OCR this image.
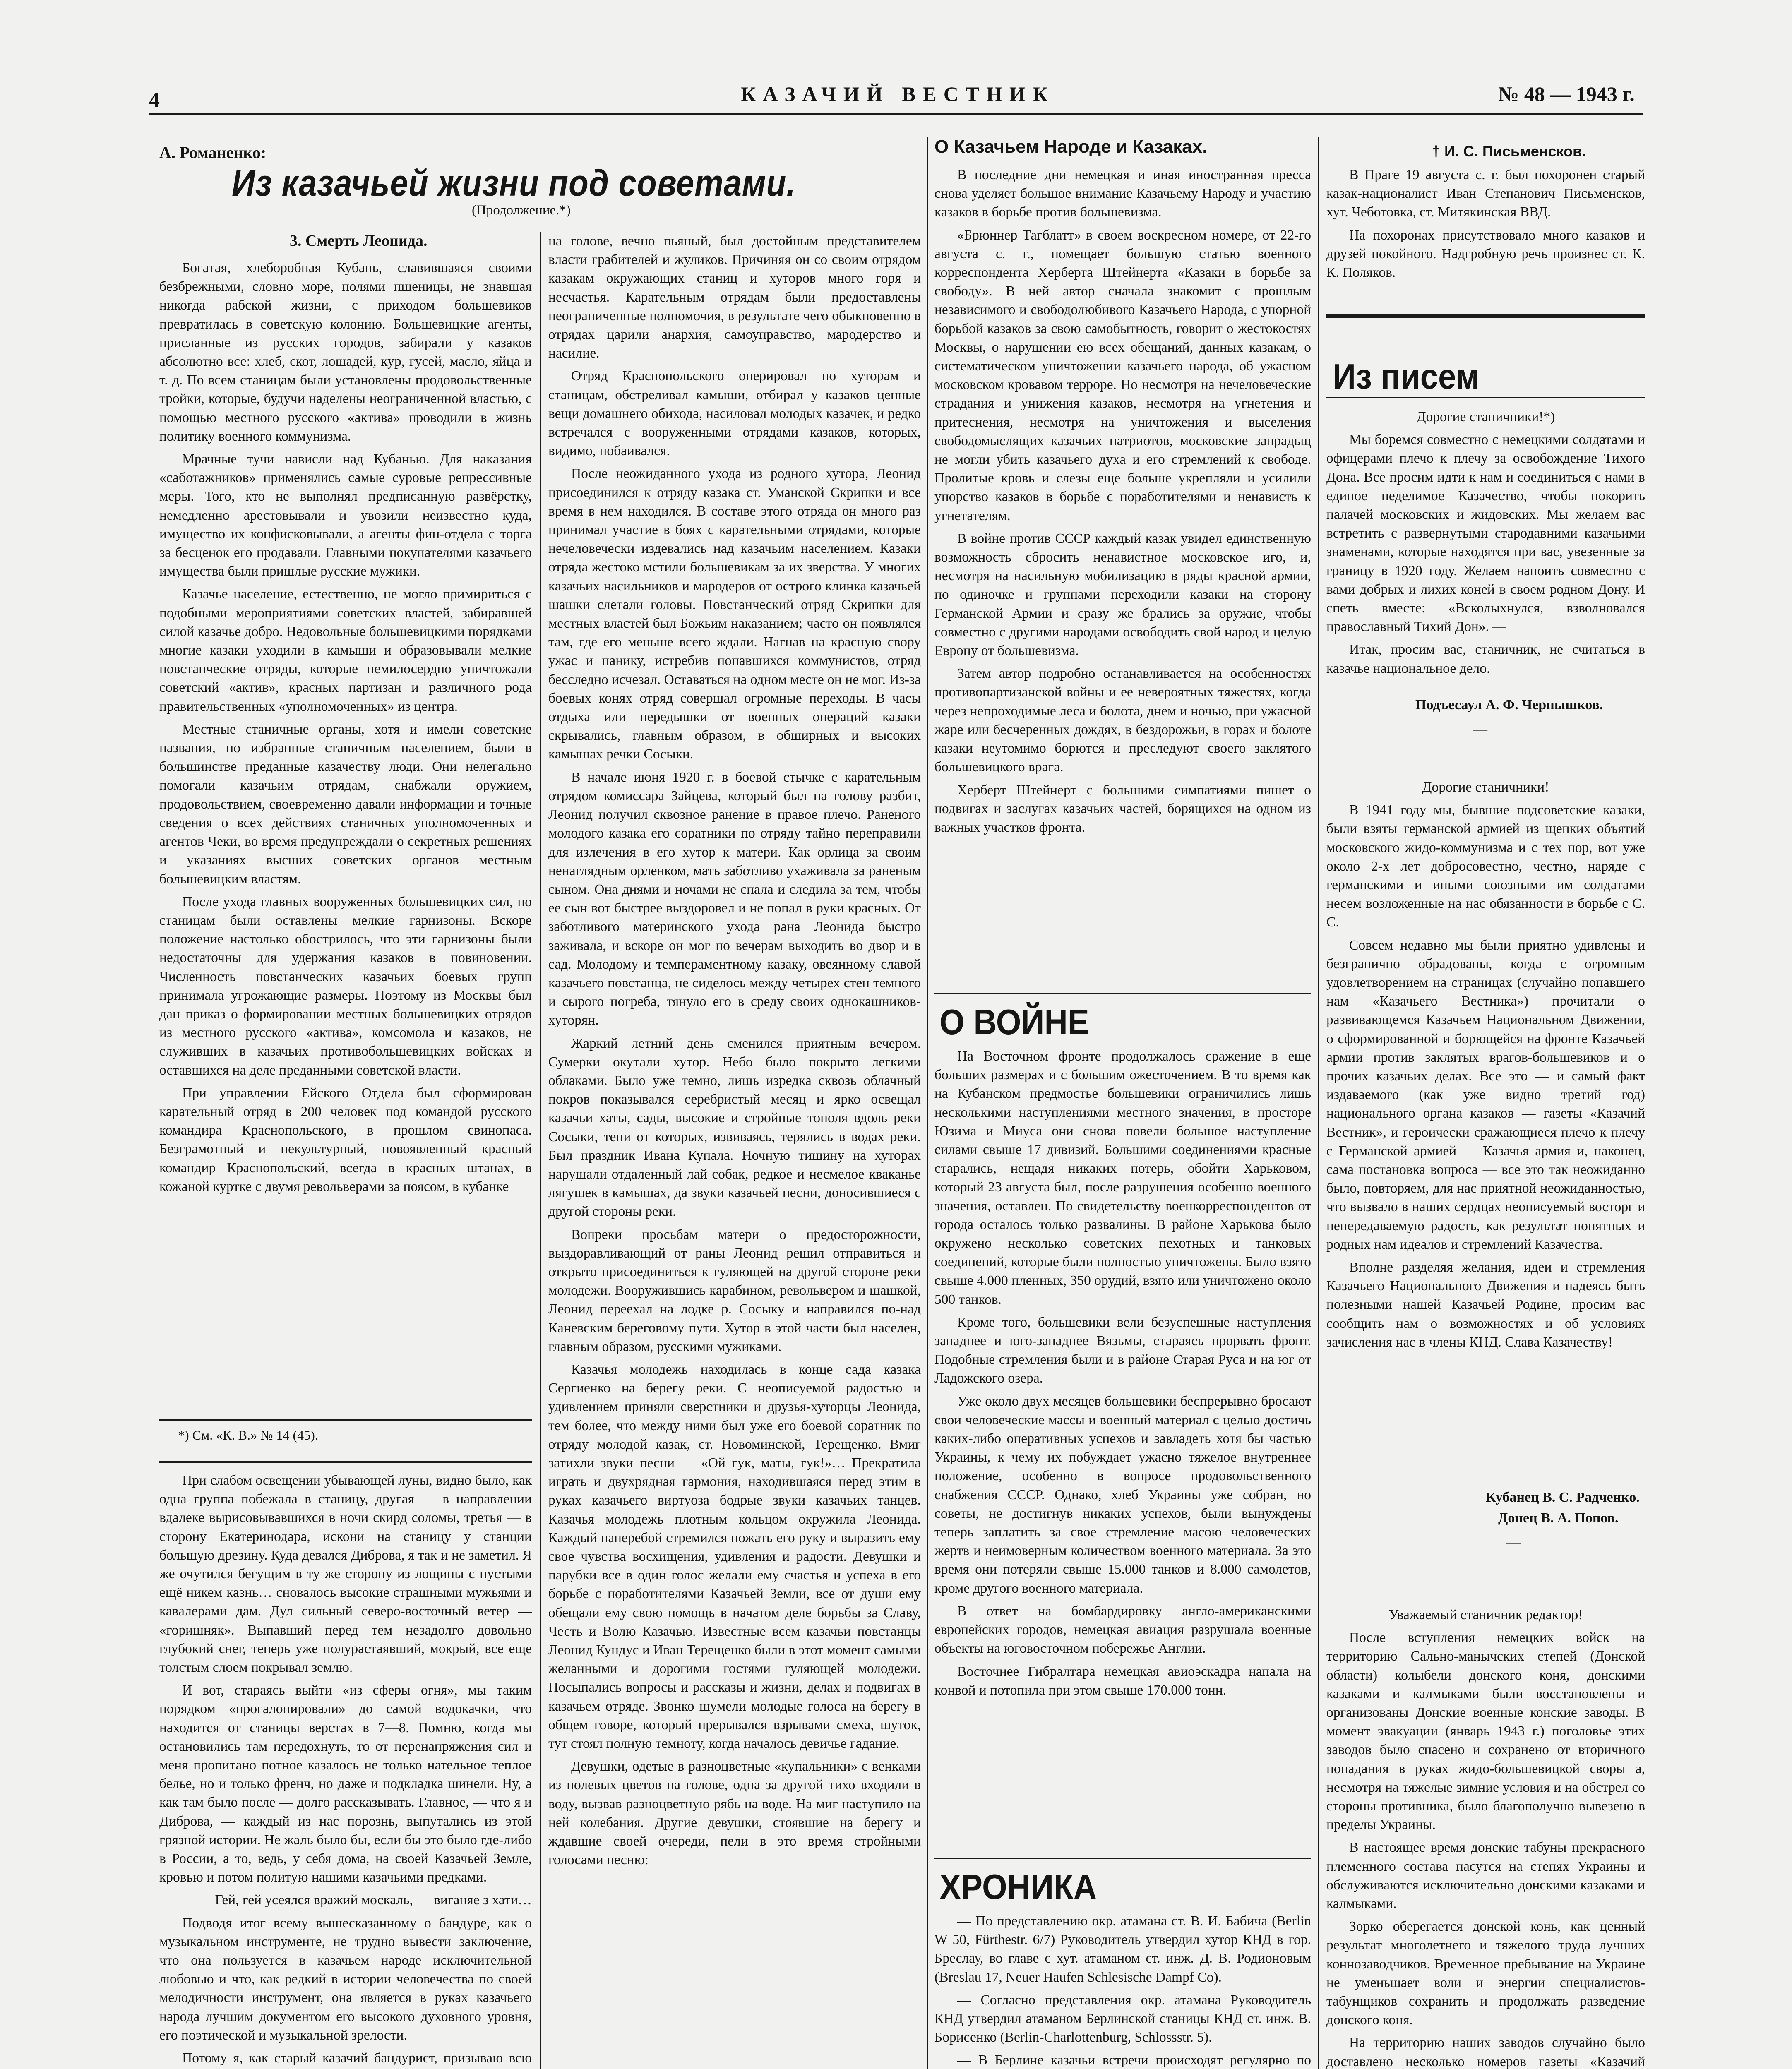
4	КАЗАЧИЙ ВЕСТНИК	№ 48 — 1943 г.
А. Романенко:
Из казачьей жизни под советами.
(Продолжение.*)
3. Смерть Леонида.

Богатая, хлеборобная Кубань, славившаяся своими безбрежными, словно море, полями пшеницы, не знавшая никогда рабской жизни, с приходом большевиков превратилась в советскую колонию. Большевицкие агенты, присланные из русских городов, забирали у казаков абсолютно все: хлеб, скот, лошадей, кур, гусей, масло, яйца и т. д. По всем станицам были установлены продовольственные тройки, которые, будучи наделены неограниченной властью, с помощью местного русского «актива» проводили в жизнь политику военного коммунизма.

Мрачные тучи нависли над Кубанью. Для наказания «саботажников» применялись самые суровые репрессивные меры. Того, кто не выполнял предписанную развёрстку, немедленно арестовывали и увозили неизвестно куда, имущество их конфисковывали, а агенты фин-отдела с торга за бесценок его продавали. Главными покупателями казачьего имущества были пришлые русские мужики.

Казачье население, естественно, не могло примириться с подобными мероприятиями советских властей, забиравшей силой казачье добро. Недовольные большевицкими порядками многие казаки уходили в камыши и образовывали мелкие повстанческие отряды, которые немилосердно уничтожали советский «актив», красных партизан и различного рода правительственных «уполномоченных» из центра.

Местные станичные органы, хотя и имели советские названия, но избранные станичным населением, были в большинстве преданные казачеству люди. Они нелегально помогали казачьим отрядам, снабжали оружием, продовольствием, своевременно давали информации и точные сведения о всех действиях станичных уполномоченных и агентов Чеки, во время предупреждали о секретных решениях и указаниях высших советских органов местным большевицким властям.

После ухода главных вооруженных большевицких сил, по станицам были оставлены мелкие гарнизоны. Вскоре положение настолько обострилось, что эти гарнизоны были недостаточны для удержания казаков в повиновении. Численность повстанческих казачьих боевых групп принимала угрожающие размеры. Поэтому из Москвы был дан приказ о формировании местных большевицких отрядов из местного русского «актива», комсомола и казаков, не служивших в казачьих противобольшевицких войсках и оставшихся на деле преданными советской власти.

При управлении Ейского Отдела был сформирован карательный отряд в 200 человек под командой русского командира Краснопольского, в прошлом свинопаса. Безграмотный и некультурный, новоявленный красный командир Краснопольский, всегда в красных штанах, в кожаной куртке с двумя револьверами за поясом, в кубанке

*) См. «К. В.» № 14 (45).

При слабом освещении убывающей луны, видно было, как одна группа побежала в станицу, другая — в направлении вдалеке вырисовывавшихся в ночи скирд соломы, третья — в сторону Екатеринодара, искони на станицу у станции большую дрезину. Куда девался Диброва, я так и не заметил. Я же очутился бегущим в ту же сторону из лощины с пустыми ещё никем казнь… сновалось высокие страшными мужьями и кавалерами дам. Дул сильный северо-восточный ветер — «горишняк». Выпавший перед тем незадолго довольно глубокий снег, теперь уже полурастаявший, мокрый, все еще толстым слоем покрывал землю.

И вот, стараясь выйти «из сферы огня», мы таким порядком «прогалопировали» до самой водокачки, что находится от станицы верстах в 7—8. Помню, когда мы остановились там передохнуть, то от перенапряжения сил и меня пропитано потное казалось не только нательное теплое белье, но и только френч, но даже и подкладка шинели. Ну, а как там было после — долго рассказывать. Главное, — что я и Диброва, — каждый из нас порознь, выпутались из этой грязной истории. Не жаль было бы, если бы это было где-либо в России, а то, ведь, у себя дома, на своей Казачьей Земле, кровью и потом политую нашими казачьими предками.

— Гей, гей усеялся вражий москаль, — виганяе з хати…

Подводя итог всему вышесказанному о бандуре, как о музыкальном инструменте, не трудно вывести заключение, что она пользуется в казачьем народе исключительной любовью и что, как редкий в истории человечества по своей мелодичности инструмент, она является в руках казачьего народа лучшим документом его высокого духовного уровня, его поэтической и музыкальной зрелости.

Потому я, как старый казачий бандурист, призываю всю

на голове, вечно пьяный, был достойным представителем власти грабителей и жуликов. Причиняя он со своим отрядом казакам окружающих станиц и хуторов много горя и несчастья. Карательным отрядам были предоставлены неограниченные полномочия, в результате чего обыкновенно в отрядах царили анархия, самоуправство, мародерство и насилие.

Отряд Краснопольского оперировал по хуторам и станицам, обстреливал камыши, отбирал у казаков ценные вещи домашнего обихода, насиловал молодых казачек, и редко встречался с вооруженными отрядами казаков, которых, видимо, побаивался.

После неожиданного ухода из родного хутора, Леонид присоединился к отряду казака ст. Уманской Скрипки и все время в нем находился. В составе этого отряда он много раз принимал участие в боях с карательными отрядами, которые нечеловечески издевались над казачьим населением. Казаки отряда жестоко мстили большевикам за их зверства. У многих казачьих насильников и мародеров от острого клинка казачьей шашки слетали головы. Повстанческий отряд Скрипки для местных властей был Божьим наказанием; часто он появлялся там, где его меньше всего ждали. Нагнав на красную свору ужас и панику, истребив попавшихся коммунистов, отряд бесследно исчезал. Оставаться на одном месте он не мог. Из-за боевых конях отряд совершал огромные переходы. В часы отдыха или передышки от военных операций казаки скрывались, главным образом, в обширных и высоких камышах речки Сосыки.

В начале июня 1920 г. в боевой стычке с карательным отрядом комиссара Зайцева, который был на голову разбит, Леонид получил сквозное ранение в правое плечо. Раненого молодого казака его соратники по отряду тайно переправили для излечения в его хутор к матери. Как орлица за своим ненаглядным орленком, мать заботливо ухаживала за раненым сыном. Она днями и ночами не спала и следила за тем, чтобы ее сын вот быстрее выздоровел и не попал в руки красных. От заботливого материнского ухода рана Леонида быстро заживала, и вскоре он мог по вечерам выходить во двор и в сад. Молодому и темпераментному казаку, овеянному славой казачьего повстанца, не сиделось между четырех стен темного и сырого погреба, тянуло его в среду своих однокашников-хуторян.

Жаркий летний день сменился приятным вечером. Сумерки окутали хутор. Небо было покрыто легкими облаками. Было уже темно, лишь изредка сквозь облачный покров показывался серебристый месяц и ярко освещал казачьи хаты, сады, высокие и стройные тополя вдоль реки Сосыки, тени от которых, извиваясь, терялись в водах реки. Был праздник Ивана Купала. Ночную тишину на хуторах нарушали отдаленный лай собак, редкое и несмелое кваканье лягушек в камышах, да звуки казачьей песни, доносившиеся с другой стороны реки.

Вопреки просьбам матери о предосторожности, выздоравливающий от раны Леонид решил отправиться и открыто присоединиться к гуляющей на другой стороне реки молодежи. Вооружившись карабином, револьвером и шашкой, Леонид переехал на лодке р. Сосыку и направился по-над Каневским береговому пути. Хутор в этой части был населен, главным образом, русскими мужиками.

Казачья молодежь находилась в конце сада казака Сергиенко на берегу реки. С неописуемой радостью и удивлением приняли сверстники и друзья-хуторцы Леонида, тем более, что между ними был уже его боевой соратник по отряду молодой казак, ст. Новоминской, Терещенко. Вмиг затихли звуки песни — «Ой гук, маты, гук!»… Прекратила играть и двухрядная гармония, находившаяся перед этим в руках казачьего виртуоза бодрые звуки казачьих танцев. Казачья молодежь плотным кольцом окружила Леонида. Каждый наперебой стремился пожать его руку и выразить ему свое чувства восхищения, удивления и радости. Девушки и парубки все в один голос желали ему счастья и успеха в его борьбе с поработителями Казачьей Земли, все от души ему обещали ему свою помощь в начатом деле борьбы за Славу, Честь и Волю Казачью. Известные всем казачьи повстанцы Леонид Кундус и Иван Терещенко были в этот момент самыми желанными и дорогими гостями гуляющей молодежи. Посыпались вопросы и рассказы и жизни, делах и подвигах в казачьем отряде. Звонко шумели молодые голоса на берегу в общем говоре, который прерывался взрывами смеха, шуток, тут стоял полную темноту, когда началось девичье гадание.

Девушки, одетые в разноцветные «купальники» с венками из полевых цветов на голове, одна за другой тихо входили в воду, вызвав разноцветную рябь на воде. На миг наступило на ней колебания. Другие девушки, стоявшие на берегу и ждавшие своей очереди, пели в это время стройными голосами песню:

О Казачьем Народе и Казаках.

В последние дни немецкая и иная иностранная пресса снова уделяет большое внимание Казачьему Народу и участию казаков в борьбе против большевизма.

«Брюннер Тагблатт» в своем воскресном номере, от 22-го августа с. г., помещает большую статью военного корреспондента Херберта Штейнерта «Казаки в борьбе за свободу». В ней автор сначала знакомит с прошлым независимого и свободолюбивого Казачьего Народа, с упорной борьбой казаков за свою самобытность, говорит о жестокостях Москвы, о нарушении ею всех обещаний, данных казакам, о систематическом уничтожении казачьего народа, об ужасном московском кровавом терроре. Но несмотря на нечеловеческие страдания и унижения казаков, несмотря на угнетения и притеснения, несмотря на уничтожения и выселения свободомыслящих казачьих патриотов, московские запрадьщ не могли убить казачьего духа и его стремлений к свободе. Пролитые кровь и слезы еще больше укрепляли и усилили упорство казаков в борьбе с поработителями и ненависть к угнетателям.

В войне против СССР каждый казак увидел единственную возможность сбросить ненавистное московское иго, и, несмотря на насильную мобилизацию в ряды красной армии, по одиночке и группами переходили казаки на сторону Германской Армии и сразу же брались за оружие, чтобы совместно с другими народами освободить свой народ и целую Европу от большевизма.

Затем автор подробно останавливается на особенностях противопартизанской войны и ее невероятных тяжестях, когда через непроходимые леса и болота, днем и ночью, при ужасной жаре или бесчеренных дождях, в бездорожьи, в горах и болоте казаки неутомимо борются и преследуют своего заклятого большевицкого врага.

Херберт Штейнерт с большими симпатиями пишет о подвигах и заслугах казачьих частей, борящихся на одном из важных участков фронта.

О ВОЙНЕ

На Восточном фронте продолжалось сражение в еще больших размерах и с большим ожесточением. В то время как на Кубанском предмостье большевики ограничились лишь несколькими наступлениями местного значения, в просторе Юзима и Миуса они снова повели большое наступление силами свыше 17 дивизий. Большими соединениями красные старались, нещадя никаких потерь, обойти Харьковом, который 23 августа был, после разрушения особенно военного значения, оставлен. По свидетельству военкорреспондентов от города осталось только развалины. В районе Харькова было окружено несколько советских пехотных и танковых соединений, которые были полностью уничтожены. Было взято свыше 4.000 пленных, 350 орудий, взято или уничтожено около 500 танков.

Кроме того, большевики вели безуспешные наступления западнее и юго-западнее Вязьмы, стараясь прорвать фронт. Подобные стремления были и в районе Старая Руса и на юг от Ладожского озера.

Уже около двух месяцев большевики беспрерывно бросают свои человеческие массы и военный материал с целью достичь каких-либо оперативных успехов и завладеть хотя бы частью Украины, к чему их побуждает ужасно тяжелое внутреннее положение, особенно в вопросе продовольственного снабжения СССР. Однако, хлеб Украины уже собран, но советы, не достигнув никаких успехов, были вынуждены теперь заплатить за свое стремление масою человеческих жертв и неимоверным количеством военного материала. За это время они потеряли свыше 15.000 танков и 8.000 самолетов, кроме другого военного материала.

В ответ на бомбардировку англо-американскими европейских городов, немецкая авиация разрушала военные объекты на юговосточном побережье Англии.

Восточнее Гибралтара немецкая авиоэскадра напала на конвой и потопила при этом свыше 170.000 тонн.

ХРОНИКА

— По представлению окр. атамана ст. В. И. Бабича (Berlin W 50, Fürthestr. 6/7) Руководитель утвердил хутор КНД в гор. Бреслау, во главе с хут. атаманом ст. инж. Д. В. Родионовым (Breslau 17, Neuer Haufen Schlesische Dampf Co).

— Согласно представления окр. атамана Руководитель КНД утвердил атаманом Берлинской станицы КНД ст. инж. В. Борисенко (Berlin-Charlottenburg, Schlossstr. 5).

— В Берлине казачьи встречи происходят регулярно по

† И. С. Письменсков.

В Праге 19 августа с. г. был похоронен старый казак-националист Иван Степанович Письменсков, хут. Чеботовка, ст. Митякинская ВВД.

На похоронах присутствовало много казаков и друзей покойного. Надгробную речь произнес ст. К. К. Поляков.

Из писем

Дорогие станичники!*)

Мы боремся совместно с немецкими солдатами и офицерами плечо к плечу за освобождение Тихого Дона. Все просим идти к нам и соединиться с нами в единое неделимое Казачество, чтобы покорить палачей московских и жидовских. Мы желаем вас встретить с развернутыми стародавними казачьими знаменами, которые находятся при вас, увезенные за границу в 1920 году. Желаем напоить совместно с вами добрых и лихих коней в своем родном Дону. И спеть вместе: «Всколыхнулся, взволновался православный Тихий Дон». —

Итак, просим вас, станичник, не считаться в казачье национальное дело.

Подъесаул А. Ф. Чернышков.
—

Дорогие станичники!

В 1941 году мы, бывшие подсоветские казаки, были взяты германской армией из щепких объятий московского жидо-коммунизма и с тех пор, вот уже около 2-х лет добросовестно, честно, наряде с германскими и иными союзными им солдатами несем возложенные на нас обязанности в борьбе с С. С.

Совсем недавно мы были приятно удивлены и безгранично обрадованы, когда с огромным удовлетворением на страницах (случайно попавшего нам «Казачьего Вестника») прочитали о развивающемся Казачьем Национальном Движении, о сформированной и борющейся на фронте Казачьей армии против заклятых врагов-большевиков и о прочих казачьих делах. Все это — и самый факт издаваемого (как уже видно третий год) национального органа казаков — газеты «Казачий Вестник», и героически сражающиеся плечо к плечу с Германской армией — Казачья армия и, наконец, сама постановка вопроса — все это так неожиданно было, повторяем, для нас приятной неожиданностью, что вызвало в наших сердцах неописуемый восторг и непередаваемую радость, как результат понятных и родных нам идеалов и стремлений Казачества.

Вполне разделяя желания, идеи и стремления Казачьего Национального Движения и надеясь быть полезными нашей Казачьей Родине, просим вас сообщить нам о возможностях и об условиях зачисления нас в члены КНД. Слава Казачеству!

Кубанец В. С. Радченко.
Донец В. А. Попов.
—

Уважаемый станичник редактор!

После вступления немецких войск на территорию Сально-манычских степей (Донской области) колыбели донского коня, донскими казаками и калмыками были восстановлены и организованы Донские военные конские заводы. В момент эвакуации (январь 1943 г.) поголовье этих заводов было спасено и сохранено от вторичного попадания в руках жидо-большевицкой своры а, несмотря на тяжелые зимние условия и на обстрел со стороны противника, было благополучно вывезено в пределы Украины.

В настоящее время донские табуны прекрасного племенного состава пасутся на степях Украины и обслуживаются исключительно донскими казаками и калмыками.

Зорко оберегается донской конь, как ценный результат многолетнего и тяжелого труда лучших коннозаводчиков. Временное пребывание на Украине не уменьшает воли и энергии специалистов-табунщиков сохранить и продолжать разведение донского коня.

На территорию наших заводов случайно было доставлено несколько номеров газеты «Казачий
